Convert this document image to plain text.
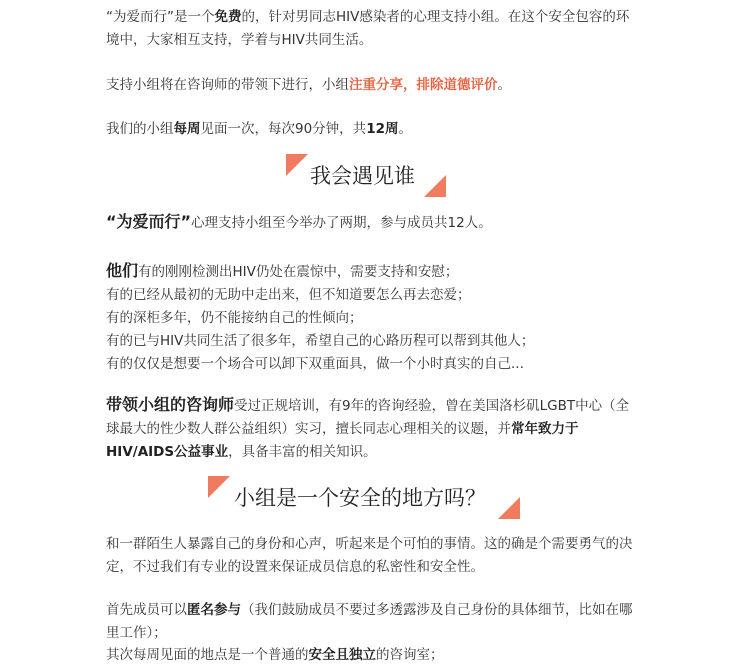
“为爱而行”是一个免费的，针对男同志HIV感染者的心理支持小组。在这个安全包容的环境中，大家相互支持，学着与HIV共同生活。

支持小组将在咨询师的带领下进行，小组注重分享，排除道德评价。

我们的小组每周见面一次，每次90分钟，共12周。

我会遇见谁

“为爱而行”心理支持小组至今举办了两期，参与成员共12人。

他们有的刚刚检测出HIV仍处在震惊中，需要支持和安慰；
有的已经从最初的无助中走出来，但不知道要怎么再去恋爱；
有的深柜多年，仍不能接纳自己的性倾向；
有的已与HIV共同生活了很多年，希望自己的心路历程可以帮到其他人；
有的仅仅是想要一个场合可以卸下双重面具，做一个小时真实的自己...

带领小组的咨询师受过正规培训，有9年的咨询经验，曾在美国洛杉矶LGBT中心（全球最大的性少数人群公益组织）实习，擅长同志心理相关的议题，并常年致力于HIV/AIDS公益事业，具备丰富的相关知识。

小组是一个安全的地方吗？

和一群陌生人暴露自己的身份和心声，听起来是个可怕的事情。这的确是个需要勇气的决定，不过我们有专业的设置来保证成员信息的私密性和安全性。

首先成员可以匿名参与（我们鼓励成员不要过多透露涉及自己身份的具体细节，比如在哪里工作）；

其次每周见面的地点是一个普通的安全且独立的咨询室；
